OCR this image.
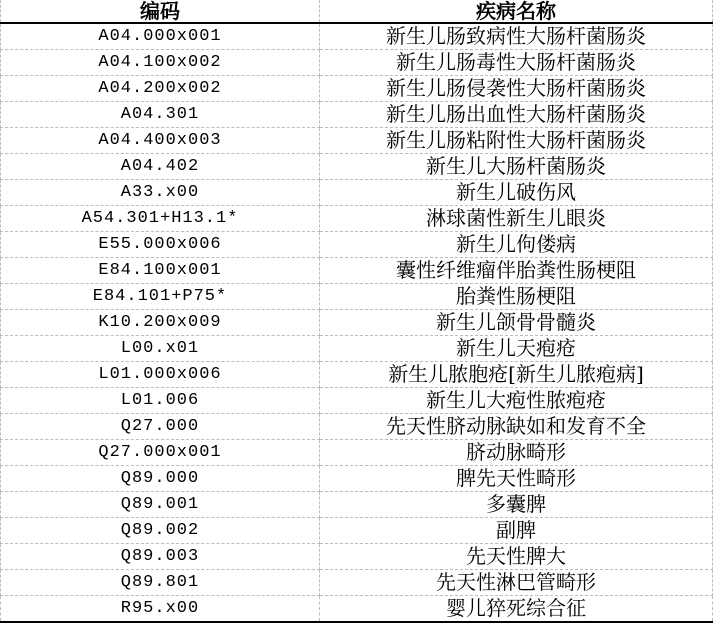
编码	疾病名称
A04.000x001	新生儿肠致病性大肠杆菌肠炎
A04.100x002	新生儿肠毒性大肠杆菌肠炎
A04.200x002	新生儿肠侵袭性大肠杆菌肠炎
A04.301	新生儿肠出血性大肠杆菌肠炎
A04.400x003	新生儿肠粘附性大肠杆菌肠炎
A04.402	新生儿大肠杆菌肠炎
A33.x00	新生儿破伤风
A54.301+H13.1*	淋球菌性新生儿眼炎
E55.000x006	新生儿佝偻病
E84.100x001	囊性纤维瘤伴胎粪性肠梗阻
E84.101+P75*	胎粪性肠梗阻
K10.200x009	新生儿颌骨骨髓炎
L00.x01	新生儿天疱疮
L01.000x006	新生儿脓胞疮[新生儿脓疱病]
L01.006	新生儿大疱性脓疱疮
Q27.000	先天性脐动脉缺如和发育不全
Q27.000x001	脐动脉畸形
Q89.000	脾先天性畸形
Q89.001	多囊脾
Q89.002	副脾
Q89.003	先天性脾大
Q89.801	先天性淋巴管畸形
R95.x00	婴儿猝死综合征
